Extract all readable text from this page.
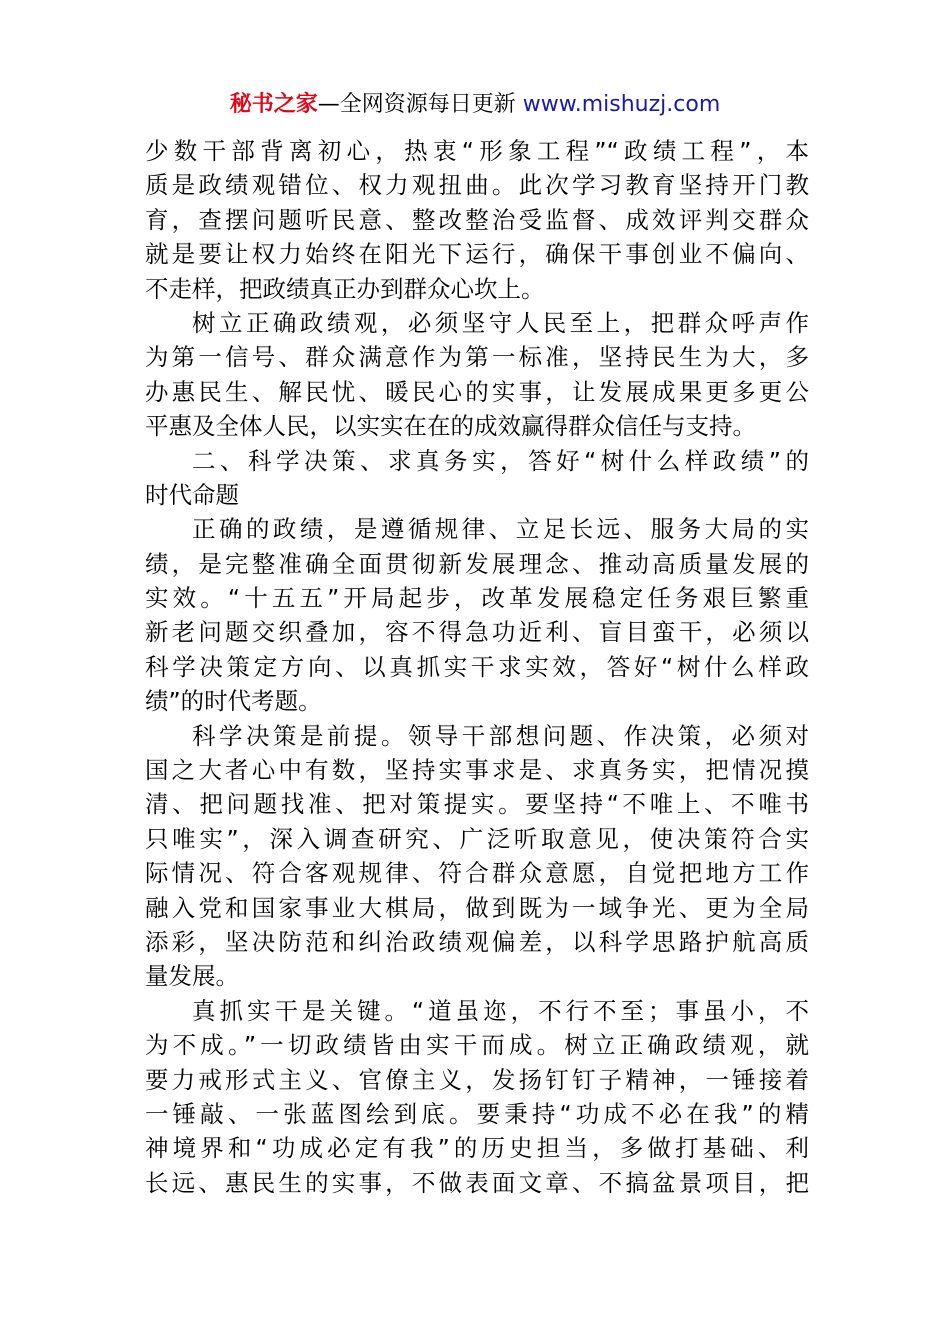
秘书之家—全网资源每日更新 www.mishuzj.com
少数干部背离初心，热衷“形象工程”“政绩工程”，本
质是政绩观错位、权力观扭曲。此次学习教育坚持开门教
育，查摆问题听民意、整改整治受监督、成效评判交群众
就是要让权力始终在阳光下运行，确保干事创业不偏向、
不走样，把政绩真正办到群众心坎上。
树立正确政绩观，必须坚守人民至上，把群众呼声作
为第一信号、群众满意作为第一标准，坚持民生为大，多
办惠民生、解民忧、暖民心的实事，让发展成果更多更公
平惠及全体人民，以实实在在的成效赢得群众信任与支持。
二、科学决策、求真务实，答好“树什么样政绩”的
时代命题
正确的政绩，是遵循规律、立足长远、服务大局的实
绩，是完整准确全面贯彻新发展理念、推动高质量发展的
实效。“十五五”开局起步，改革发展稳定任务艰巨繁重
新老问题交织叠加，容不得急功近利、盲目蛮干，必须以
科学决策定方向、以真抓实干求实效，答好“树什么样政
绩”的时代考题。
科学决策是前提。领导干部想问题、作决策，必须对
国之大者心中有数，坚持实事求是、求真务实，把情况摸
清、把问题找准、把对策提实。要坚持“不唯上、不唯书
只唯实”，深入调查研究、广泛听取意见，使决策符合实
际情况、符合客观规律、符合群众意愿，自觉把地方工作
融入党和国家事业大棋局，做到既为一域争光、更为全局
添彩，坚决防范和纠治政绩观偏差，以科学思路护航高质
量发展。
真抓实干是关键。“道虽迩，不行不至；事虽小，不
为不成。”一切政绩皆由实干而成。树立正确政绩观，就
要力戒形式主义、官僚主义，发扬钉钉子精神，一锤接着
一锤敲、一张蓝图绘到底。要秉持“功成不必在我”的精
神境界和“功成必定有我”的历史担当，多做打基础、利
长远、惠民生的实事，不做表面文章、不搞盆景项目，把
